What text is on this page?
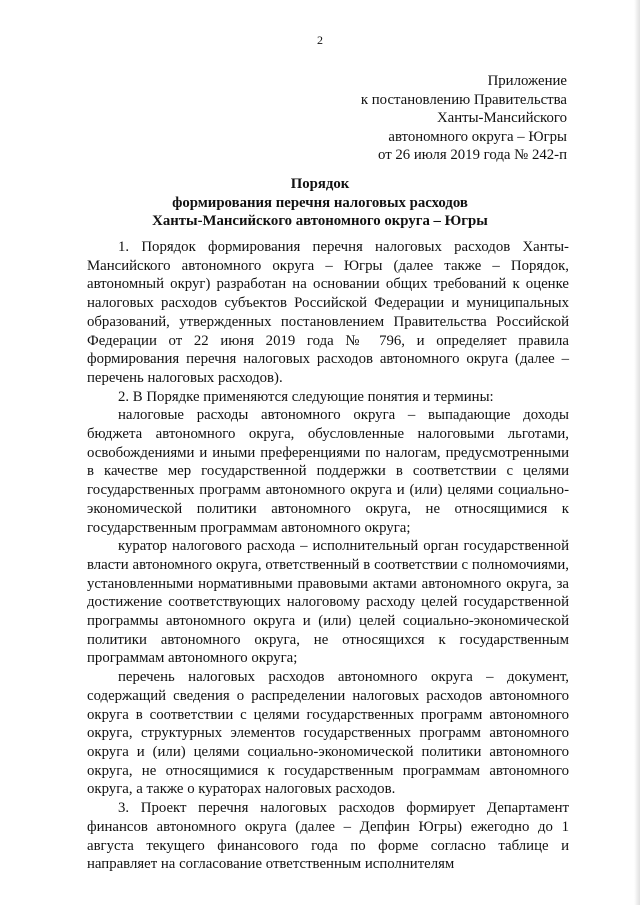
2
Приложение
к постановлению Правительства
Ханты-Мансийского
автономного округа – Югры
от 26 июля 2019 года № 242-п
Порядок
формирования перечня налоговых расходов
Ханты-Мансийского автономного округа – Югры

1. Порядок формирования перечня налоговых расходов Ханты-Мансийского автономного округа – Югры (далее также – Порядок, автономный округ) разработан на основании общих требований к оценке налоговых расходов субъектов Российской Федерации и муниципальных образований, утвержденных постановлением Правительства Российской Федерации от 22 июня 2019 года № 796, и определяет правила формирования перечня налоговых расходов автономного округа (далее – перечень налоговых расходов).

2. В Порядке применяются следующие понятия и термины:

налоговые расходы автономного округа – выпадающие доходы бюджета автономного округа, обусловленные налоговыми льготами, освобождениями и иными преференциями по налогам, предусмотренными в качестве мер государственной поддержки в соответствии с целями государственных программ автономного округа и (или) целями социально-экономической политики автономного округа, не относящимися к государственным программам автономного округа;

куратор налогового расхода – исполнительный орган государственной власти автономного округа, ответственный в соответствии с полномочиями, установленными нормативными правовыми актами автономного округа, за достижение соответствующих налоговому расходу целей государственной программы автономного округа и (или) целей социально-экономической политики автономного округа, не относящихся к государственным программам автономного округа;

перечень налоговых расходов автономного округа – документ, содержащий сведения о распределении налоговых расходов автономного округа в соответствии с целями государственных программ автономного округа, структурных элементов государственных программ автономного округа и (или) целями социально-экономической политики автономного округа, не относящимися к государственным программам автономного округа, а также о кураторах налоговых расходов.

3. Проект перечня налоговых расходов формирует Департамент финансов автономного округа (далее – Депфин Югры) ежегодно до 1 августа текущего финансового года по форме согласно таблице и направляет на согласование ответственным исполнителям
